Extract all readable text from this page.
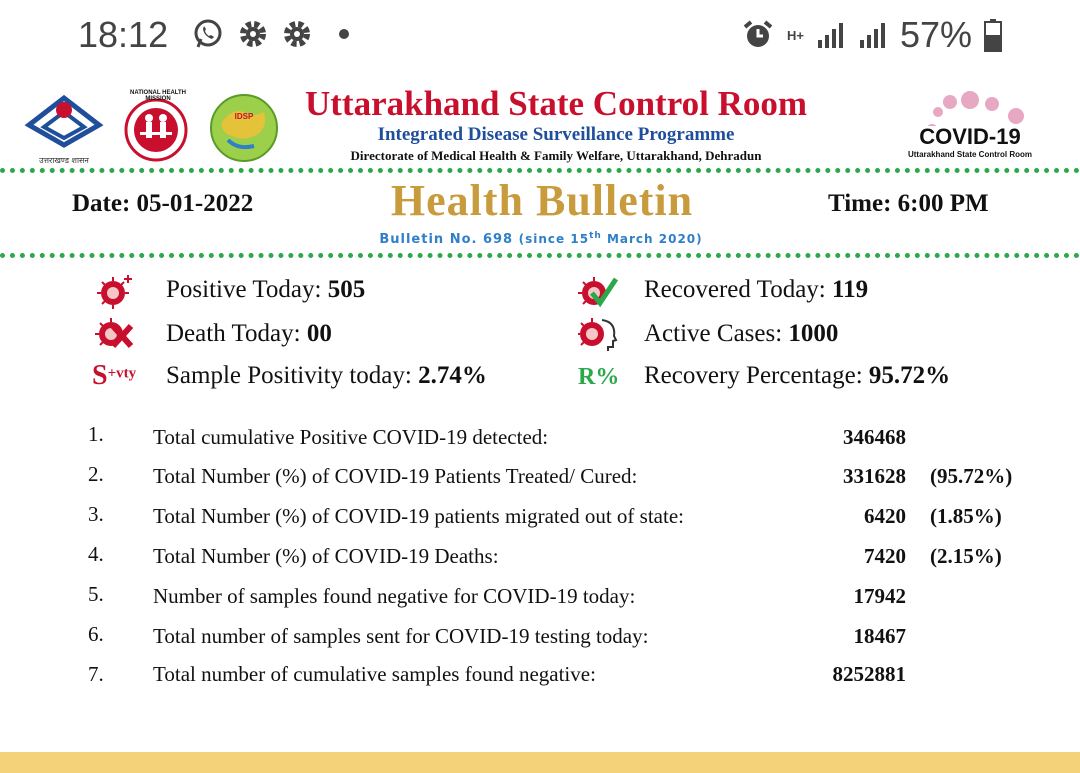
18:12	H+	57%
उत्तराखण्ड शासन
NATIONAL HEALTH MISSION
IDSP Uttarakhand State Control Room
Integrated Disease Surveillance Programme
Directorate of Medical Health & Family Welfare, Uttarakhand, Dehradun
COVID-19
Uttarakhand State Control Room
Date: 05-01-2022	Health Bulletin	Time: 6:00 PM
Bulletin No. 698 (since 15th March 2020)
Positive Today: 505	Recovered Today: 119
Death Today: 00	Active Cases: 1000
$S^{+vty}$ Sample Positivity today: 2.74%	R% Recovery Percentage: 95.72%
1. Total cumulative Positive COVID-19 detected:	346468
2. Total Number (%) of COVID-19 Patients Treated/ Cured:	331628 (95.72%)
3. Total Number (%) of COVID-19 patients migrated out of state:	6420 (1.85%)
4. Total Number (%) of COVID-19 Deaths:	7420 (2.15%)
5. Number of samples found negative for COVID-19 today:	17942
6. Total number of samples sent for COVID-19 testing today:	18467
7. Total number of cumulative samples found negative:	8252881
